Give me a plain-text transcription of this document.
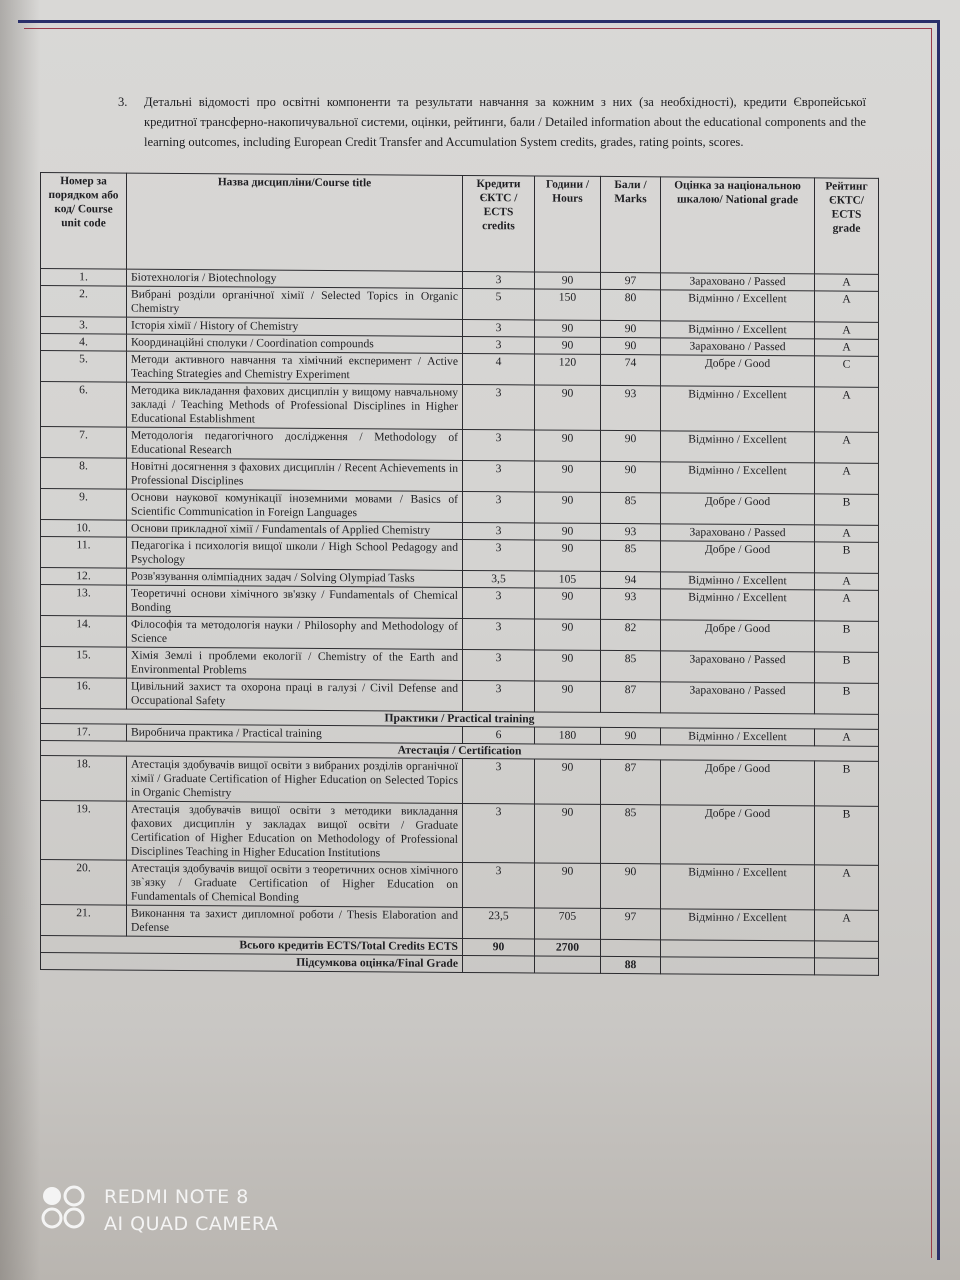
3. Детальні відомості про освітні компоненти та результати навчання за кожним з них (за необхідності), кредити Європейської кредитної трансферно-накопичувальної системи, оцінки, рейтинги, бали / Detailed information about the educational components and the learning outcomes, including European Credit Transfer and Accumulation System credits, grades, rating points, scores.
Номер за порядком або код/ Course unit code	Назва дисципліни/Course title	Кредити ЄКТС / ECTS credits	Години / Hours	Бали / Marks	Оцінка за національною шкалою/ National grade	Рейтинг ЄКТС/ ECTS grade
1.	Біотехнологія / Biotechnology	3	90	97	Зараховано / Passed	A
2.	Вибрані розділи органічної хімії / Selected Topics in Organic Chemistry	5	150	80	Відмінно / Excellent	A
3.	Історія хімії / History of Chemistry	3	90	90	Відмінно / Excellent	A
4.	Координаційні сполуки / Coordination compounds	3	90	90	Зараховано / Passed	A
5.	Методи активного навчання та хімічний експеримент / Active Teaching Strategies and Chemistry Experiment	4	120	74	Добре / Good	C
6.	Методика викладання фахових дисциплін у вищому навчальному закладі / Teaching Methods of Professional Disciplines in Higher Educational Establishment	3	90	93	Відмінно / Excellent	A
7.	Методологія педагогічного дослідження / Methodology of Educational Research	3	90	90	Відмінно / Excellent	A
8.	Новітні досягнення з фахових дисциплін / Recent Achievements in Professional Disciplines	3	90	90	Відмінно / Excellent	A
9.	Основи наукової комунікації іноземними мовами / Basics of Scientific Communication in Foreign Languages	3	90	85	Добре / Good	B
10.	Основи прикладної хімії / Fundamentals of Applied Chemistry	3	90	93	Зараховано / Passed	A
11.	Педагогіка і психологія вищої школи / High School Pedagogy and Psychology	3	90	85	Добре / Good	B
12.	Розв'язування олімпіадних задач / Solving Olympiad Tasks	3,5	105	94	Відмінно / Excellent	A
13.	Теоретичні основи хімічного зв'язку / Fundamentals of Chemical Bonding	3	90	93	Відмінно / Excellent	A
14.	Філософія та методологія науки / Philosophy and Methodology of Science	3	90	82	Добре / Good	B
15.	Хімія Землі і проблеми екології / Chemistry of the Earth and Environmental Problems	3	90	85	Зараховано / Passed	B
16.	Цивільний захист та охорона праці в галузі / Civil Defense and Occupational Safety	3	90	87	Зараховано / Passed	B
Практики / Practical training						
17.	Виробнича практика / Practical training	6	180	90	Відмінно / Excellent	A
Атестація / Certification						
18.	Атестація здобувачів вищої освіти з вибраних розділів органічної хімії / Graduate Certification of Higher Education on Selected Topics in Organic Chemistry	3	90	87	Добре / Good	B
19.	Атестація здобувачів вищої освіти з методики викладання фахових дисциплін у закладах вищої освіти / Graduate Certification of Higher Education on Methodology of Professional Disciplines Teaching in Higher Education Institutions	3	90	85	Добре / Good	B
20.	Атестація здобувачів вищої освіти з теоретичних основ хімічного зв`язку / Graduate Certification of Higher Education on Fundamentals of Chemical Bonding	3	90	90	Відмінно / Excellent	A
21.	Виконання та захист дипломної роботи / Thesis Elaboration and Defense	23,5	705	97	Відмінно / Excellent	A
Всього кредитів ECTS/Total Credits ECTS		90	2700			
Підсумкова оцінка/Final Grade				88		
REDMI NOTE 8
AI QUAD CAMERA
